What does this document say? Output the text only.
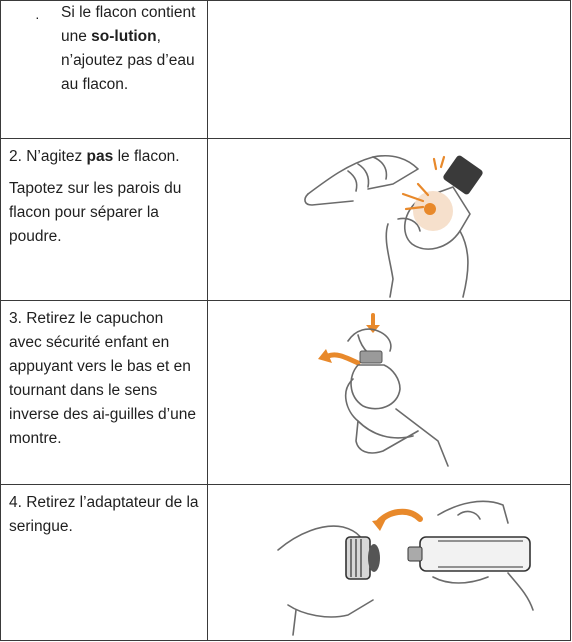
· Si le flacon contient une so-lution, n’ajoutez pas d’eau au flacon.	

2. N’agitez pas le flacon.

Tapotez sur les parois du flacon pour séparer la poudre.

3. Retirez le capuchon avec sécurité enfant en appuyant vers le bas et en tournant dans le sens inverse des ai-guilles d’une montre.

4. Retirez l’adaptateur de la seringue.
